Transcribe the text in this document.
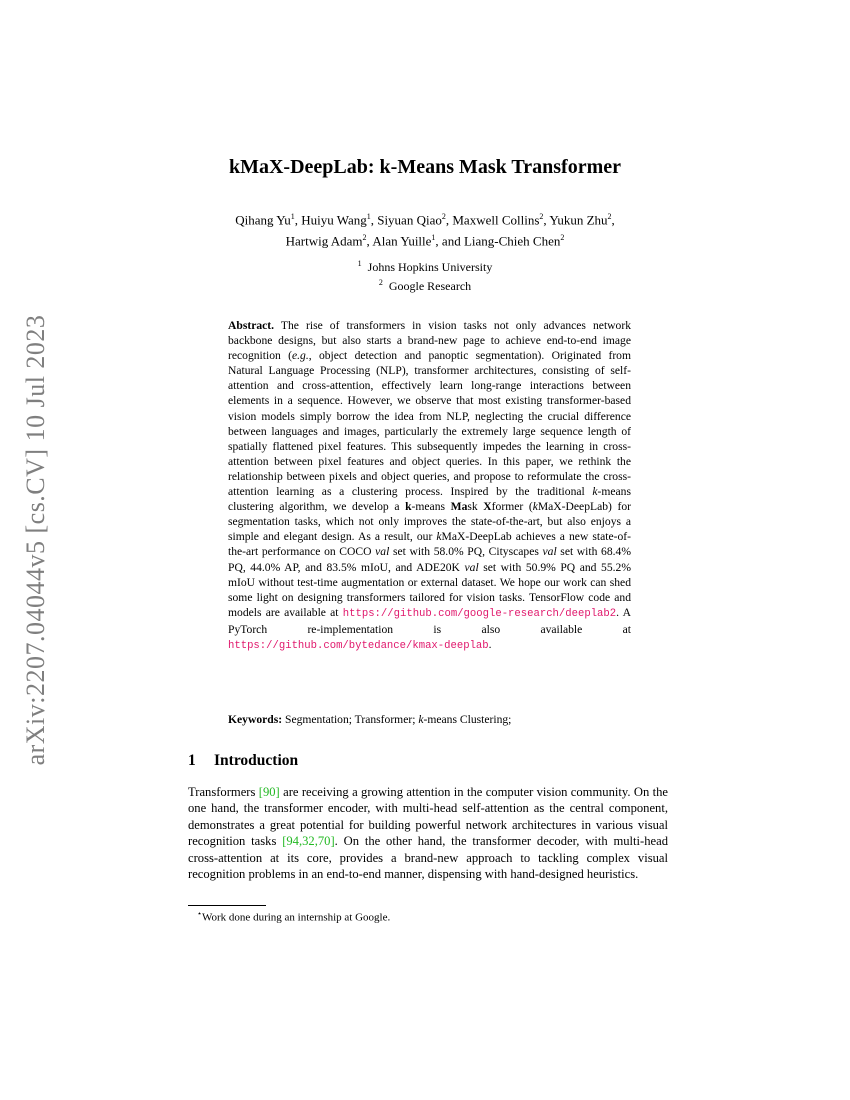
arXiv:2207.04044v5 [cs.CV] 10 Jul 2023
kMaX-DeepLab: k-Means Mask Transformer
Qihang Yu$^1$, Huiyu Wang$^1$, Siyuan Qiao$^2$, Maxwell Collins$^2$, Yukun Zhu$^2$,
Hartwig Adam$^2$, Alan Yuille$^1$, and Liang-Chieh Chen$^2$
$^1$ Johns Hopkins University
$^2$ Google Research
Abstract. The rise of transformers in vision tasks not only advances network backbone designs, but also starts a brand-new page to achieve end-to-end image recognition (e.g., object detection and panoptic segmentation). Originated from Natural Language Processing (NLP), transformer architectures, consisting of self-attention and cross-attention, effectively learn long-range interactions between elements in a sequence. However, we observe that most existing transformer-based vision models simply borrow the idea from NLP, neglecting the crucial difference between languages and images, particularly the extremely large sequence length of spatially flattened pixel features. This subsequently impedes the learning in cross-attention between pixel features and object queries. In this paper, we rethink the relationship between pixels and object queries, and propose to reformulate the cross-attention learning as a clustering process. Inspired by the traditional k-means clustering algorithm, we develop a k-means Mask Xformer (kMaX-DeepLab) for segmentation tasks, which not only improves the state-of-the-art, but also enjoys a simple and elegant design. As a result, our kMaX-DeepLab achieves a new state-of-the-art performance on COCO val set with 58.0% PQ, Cityscapes val set with 68.4% PQ, 44.0% AP, and 83.5% mIoU, and ADE20K val set with 50.9% PQ and 55.2% mIoU without test-time augmentation or external dataset. We hope our work can shed some light on designing transformers tailored for vision tasks. TensorFlow code and models are available at https://github.com/google-research/deeplab2. A PyTorch re-implementation is also available at https://github.com/bytedance/kmax-deeplab.
Keywords: Segmentation; Transformer; k-means Clustering;
1 Introduction
Transformers [90] are receiving a growing attention in the computer vision community. On the one hand, the transformer encoder, with multi-head self-attention as the central component, demonstrates a great potential for building powerful network architectures in various visual recognition tasks [94,32,70]. On the other hand, the transformer decoder, with multi-head cross-attention at its core, provides a brand-new approach to tackling complex visual recognition problems in an end-to-end manner, dispensing with hand-designed heuristics.
⋆Work done during an internship at Google.
